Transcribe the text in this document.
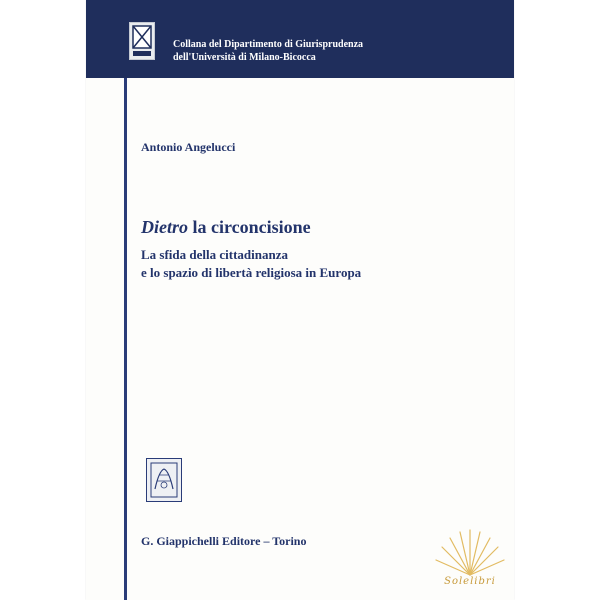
Collana del Dipartimento di Giurisprudenza
dell'Università di Milano-Bicocca
Antonio Angelucci
Dietro la circoncisione
La sfida della cittadinanza
e lo spazio di libertà religiosa in Europa
G. Giappichelli Editore – Torino
Solelibri
